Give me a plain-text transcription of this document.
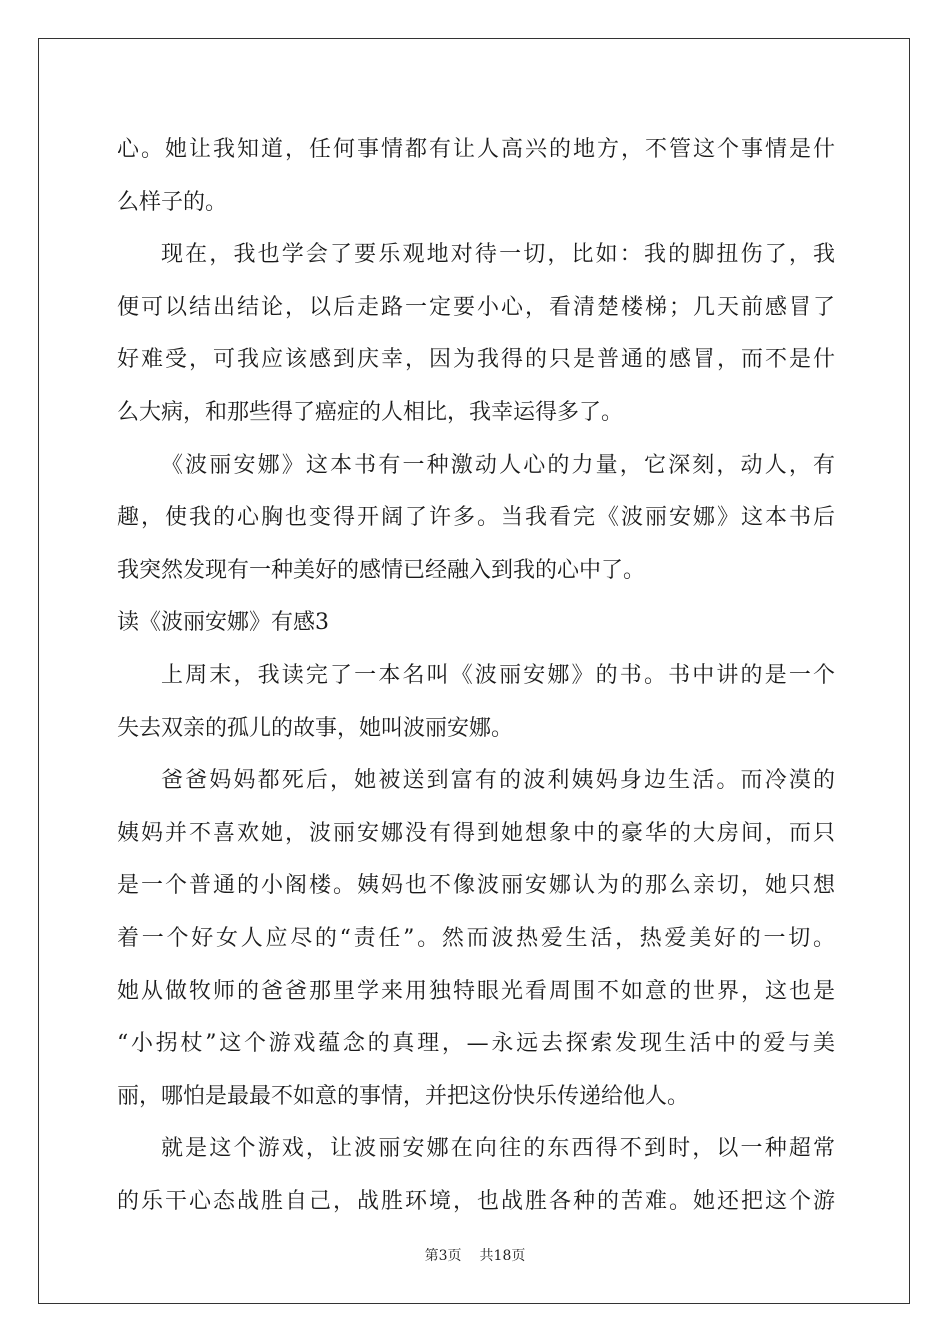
心。她让我知道，任何事情都有让人高兴的地方，不管这个事情是什
么样子的。
现在，我也学会了要乐观地对待一切，比如：我的脚扭伤了，我
便可以结出结论，以后走路一定要小心，看清楚楼梯；几天前感冒了
好难受，可我应该感到庆幸，因为我得的只是普通的感冒，而不是什
么大病，和那些得了癌症的人相比，我幸运得多了。
《波丽安娜》这本书有一种激动人心的力量，它深刻，动人，有
趣，使我的心胸也变得开阔了许多。当我看完《波丽安娜》这本书后
我突然发现有一种美好的感情已经融入到我的心中了。
读《波丽安娜》有感3
上周末，我读完了一本名叫《波丽安娜》的书。书中讲的是一个
失去双亲的孤儿的故事，她叫波丽安娜。
爸爸妈妈都死后，她被送到富有的波利姨妈身边生活。而冷漠的
姨妈并不喜欢她，波丽安娜没有得到她想象中的豪华的大房间，而只
是一个普通的小阁楼。姨妈也不像波丽安娜认为的那么亲切，她只想
着一个好女人应尽的“责任”。然而波热爱生活，热爱美好的一切。
她从做牧师的爸爸那里学来用独特眼光看周围不如意的世界，这也是
“小拐杖”这个游戏蕴念的真理，—永远去探索发现生活中的爱与美
丽，哪怕是最最不如意的事情，并把这份快乐传递给他人。
就是这个游戏，让波丽安娜在向往的东西得不到时，以一种超常
的乐干心态战胜自己，战胜环境，也战胜各种的苦难。她还把这个游
第3页 共18页
